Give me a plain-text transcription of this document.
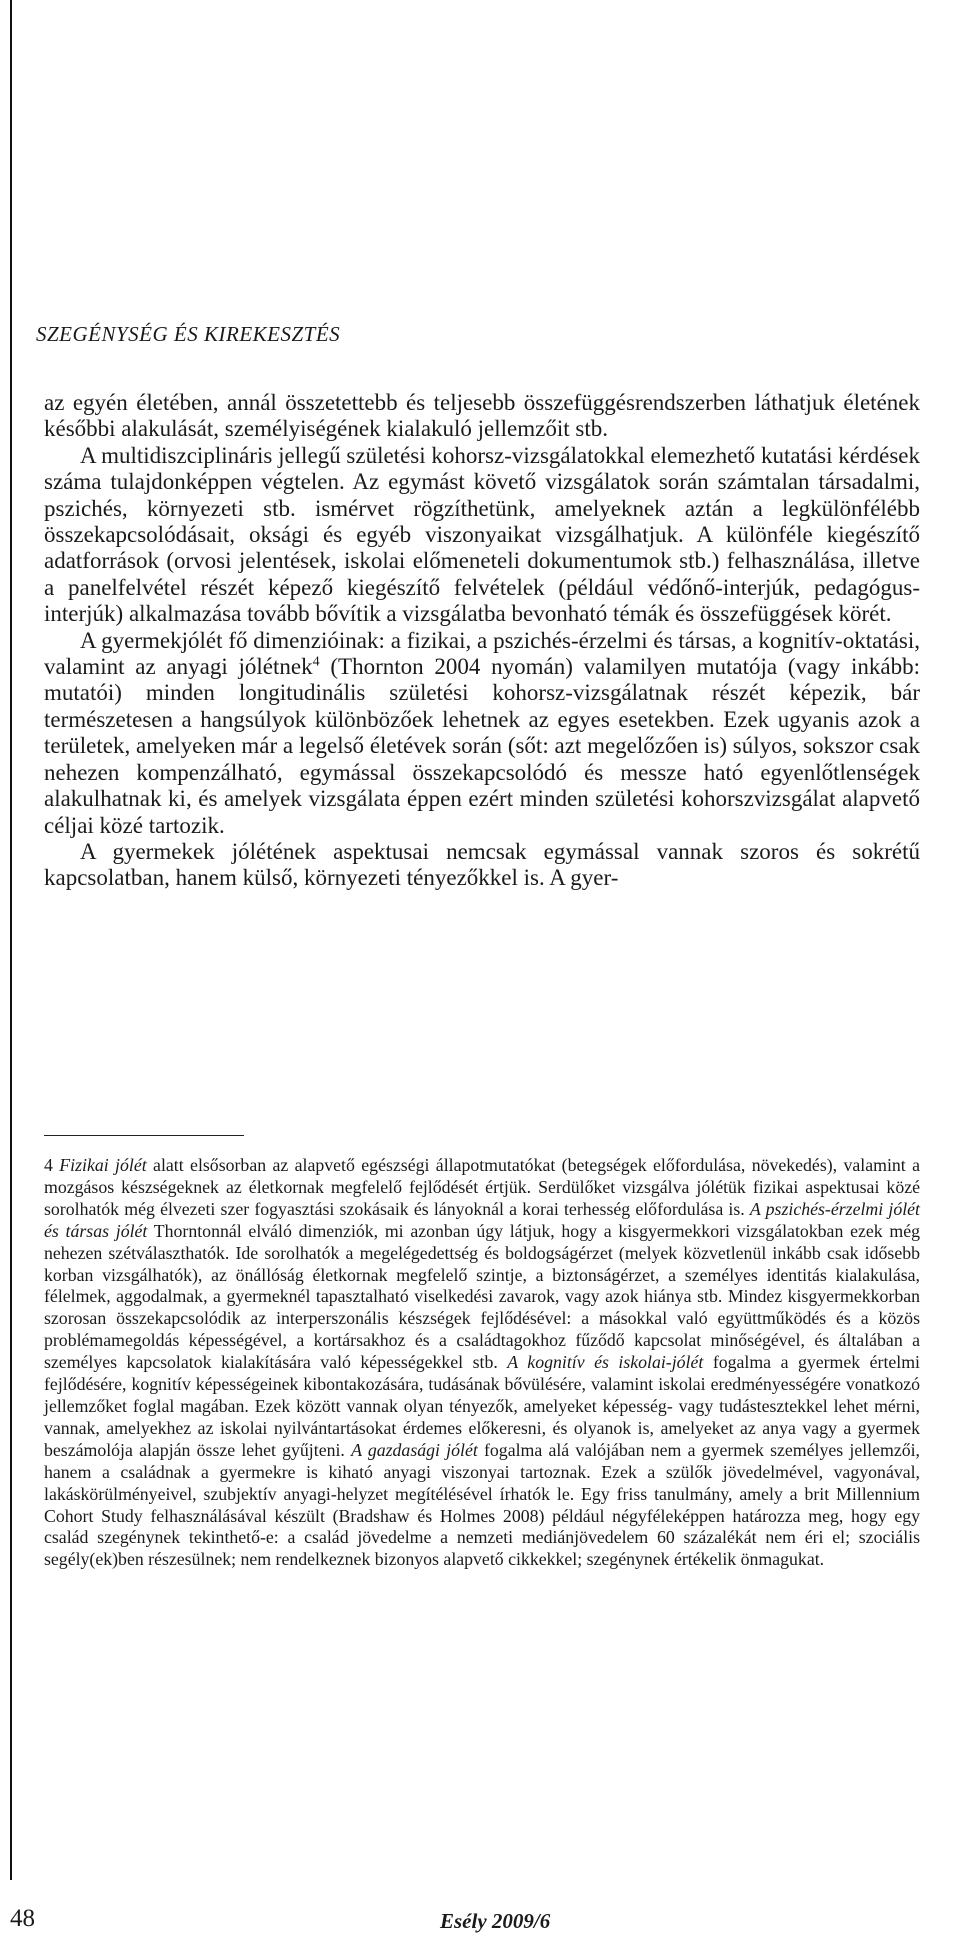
SZEGÉNYSÉG ÉS KIREKESZTÉS

az egyén életében, annál összetettebb és teljesebb összefüggésrendszerben láthatjuk életének későbbi alakulását, személyiségének kialakuló jellemzőit stb.

A multidiszciplináris jellegű születési kohorsz-vizsgálatokkal elemezhető kutatási kérdések száma tulajdonképpen végtelen. Az egymást követő vizsgálatok során számtalan társadalmi, pszichés, környezeti stb. ismérvet rögzíthetünk, amelyeknek aztán a legkülönfélébb összekapcsolódásait, oksági és egyéb viszonyaikat vizsgálhatjuk. A különféle kiegészítő adatforrások (orvosi jelentések, iskolai előmeneteli dokumentumok stb.) felhasználása, illetve a panelfelvétel részét képező kiegészítő felvételek (például védőnő-interjúk, pedagógus-interjúk) alkalmazása tovább bővítik a vizsgálatba bevonható témák és összefüggések körét.

A gyermekjólét fő dimenzióinak: a fizikai, a pszichés-érzelmi és társas, a kognitív-oktatási, valamint az anyagi jólétnek$^4$ (Thornton 2004 nyomán) valamilyen mutatója (vagy inkább: mutatói) minden longitudinális születési kohorsz-vizsgálatnak részét képezik, bár természetesen a hangsúlyok különbözőek lehetnek az egyes esetekben. Ezek ugyanis azok a területek, amelyeken már a legelső életévek során (sőt: azt megelőzően is) súlyos, sokszor csak nehezen kompenzálható, egymással összekapcsolódó és messze ható egyenlőtlenségek alakulhatnak ki, és amelyek vizsgálata éppen ezért minden születési kohorszvizsgálat alapvető céljai közé tartozik.

A gyermekek jólétének aspektusai nemcsak egymással vannak szoros és sokrétű kapcsolatban, hanem külső, környezeti tényezőkkel is. A gyer-

4 Fizikai jólét alatt elsősorban az alapvető egészségi állapotmutatókat (betegségek előfordulása, növekedés), valamint a mozgásos készségeknek az életkornak megfelelő fejlődését értjük. Serdülőket vizsgálva jólétük fizikai aspektusai közé sorolhatók még élvezeti szer fogyasztási szokásaik és lányoknál a korai terhesség előfordulása is. A pszichés-érzelmi jólét és társas jólét Thorntonnál elváló dimenziók, mi azonban úgy látjuk, hogy a kisgyermekkori vizsgálatokban ezek még nehezen szétválaszthatók. Ide sorolhatók a megelégedettség és boldogságérzet (melyek közvetlenül inkább csak idősebb korban vizsgálhatók), az önállóság életkornak megfelelő szintje, a biztonságérzet, a személyes identitás kialakulása, félelmek, aggodalmak, a gyermeknél tapasztalható viselkedési zavarok, vagy azok hiánya stb. Mindez kisgyermekkorban szorosan összekapcsolódik az interperszonális készségek fejlődésével: a másokkal való együttműködés és a közös problémamegoldás képességével, a kortársakhoz és a családtagokhoz fűződő kapcsolat minőségével, és általában a személyes kapcsolatok kialakítására való képességekkel stb. A kognitív és iskolai-jólét fogalma a gyermek értelmi fejlődésére, kognitív képességeinek kibontakozására, tudásának bővülésére, valamint iskolai eredményességére vonatkozó jellemzőket foglal magában. Ezek között vannak olyan tényezők, amelyeket képesség- vagy tudástesztekkel lehet mérni, vannak, amelyekhez az iskolai nyilvántartásokat érdemes előkeresni, és olyanok is, amelyeket az anya vagy a gyermek beszámolója alapján össze lehet gyűjteni. A gazdasági jólét fogalma alá valójában nem a gyermek személyes jellemzői, hanem a családnak a gyermekre is kiható anyagi viszonyai tartoznak. Ezek a szülők jövedelmével, vagyonával, lakáskörülményeivel, szubjektív anyagi-helyzet megítélésével írhatók le. Egy friss tanulmány, amely a brit Millennium Cohort Study felhasználásával készült (Bradshaw és Holmes 2008) például négyféleképpen határozza meg, hogy egy család szegénynek tekinthető-e: a család jövedelme a nemzeti mediánjövedelem 60 százalékát nem éri el; szociális segély(ek)ben részesülnek; nem rendelkeznek bizonyos alapvető cikkekkel; szegénynek értékelik önmagukat.

48	Esély 2009/6
